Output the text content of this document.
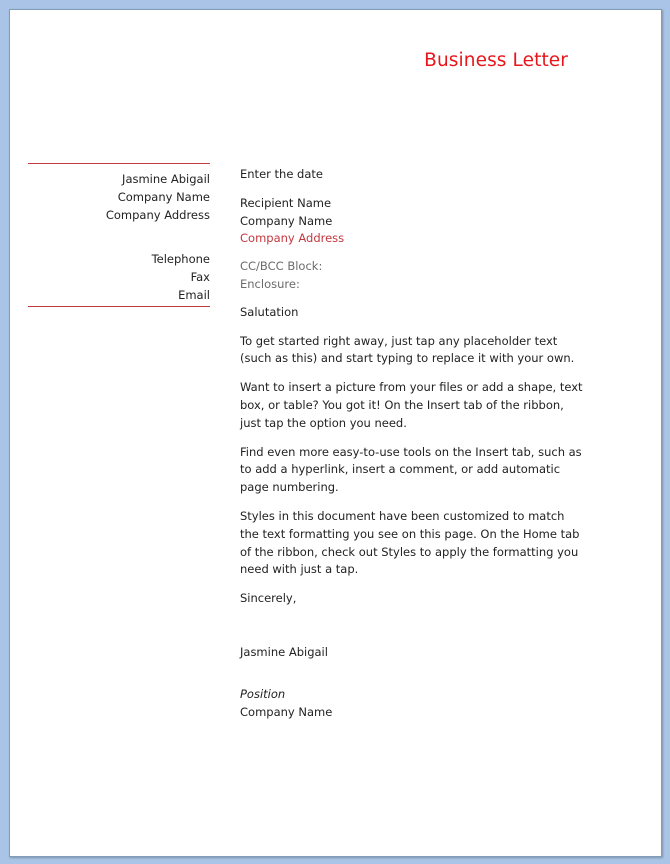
Business Letter
Jasmine Abigail
Company Name
Company Address
Telephone
Fax
Email
Enter the date
Recipient Name
Company Name
Company Address
CC/BCC Block:
Enclosure:
Salutation
To get started right away, just tap any placeholder text (such as this) and start typing to replace it with your own.
Want to insert a picture from your files or add a shape, text box, or table? You got it! On the Insert tab of the ribbon, just tap the option you need.
Find even more easy-to-use tools on the Insert tab, such as to add a hyperlink, insert a comment, or add automatic page numbering.
Styles in this document have been customized to match the text formatting you see on this page. On the Home tab of the ribbon, check out Styles to apply the formatting you need with just a tap.
Sincerely,
Jasmine Abigail
Position
Company Name
